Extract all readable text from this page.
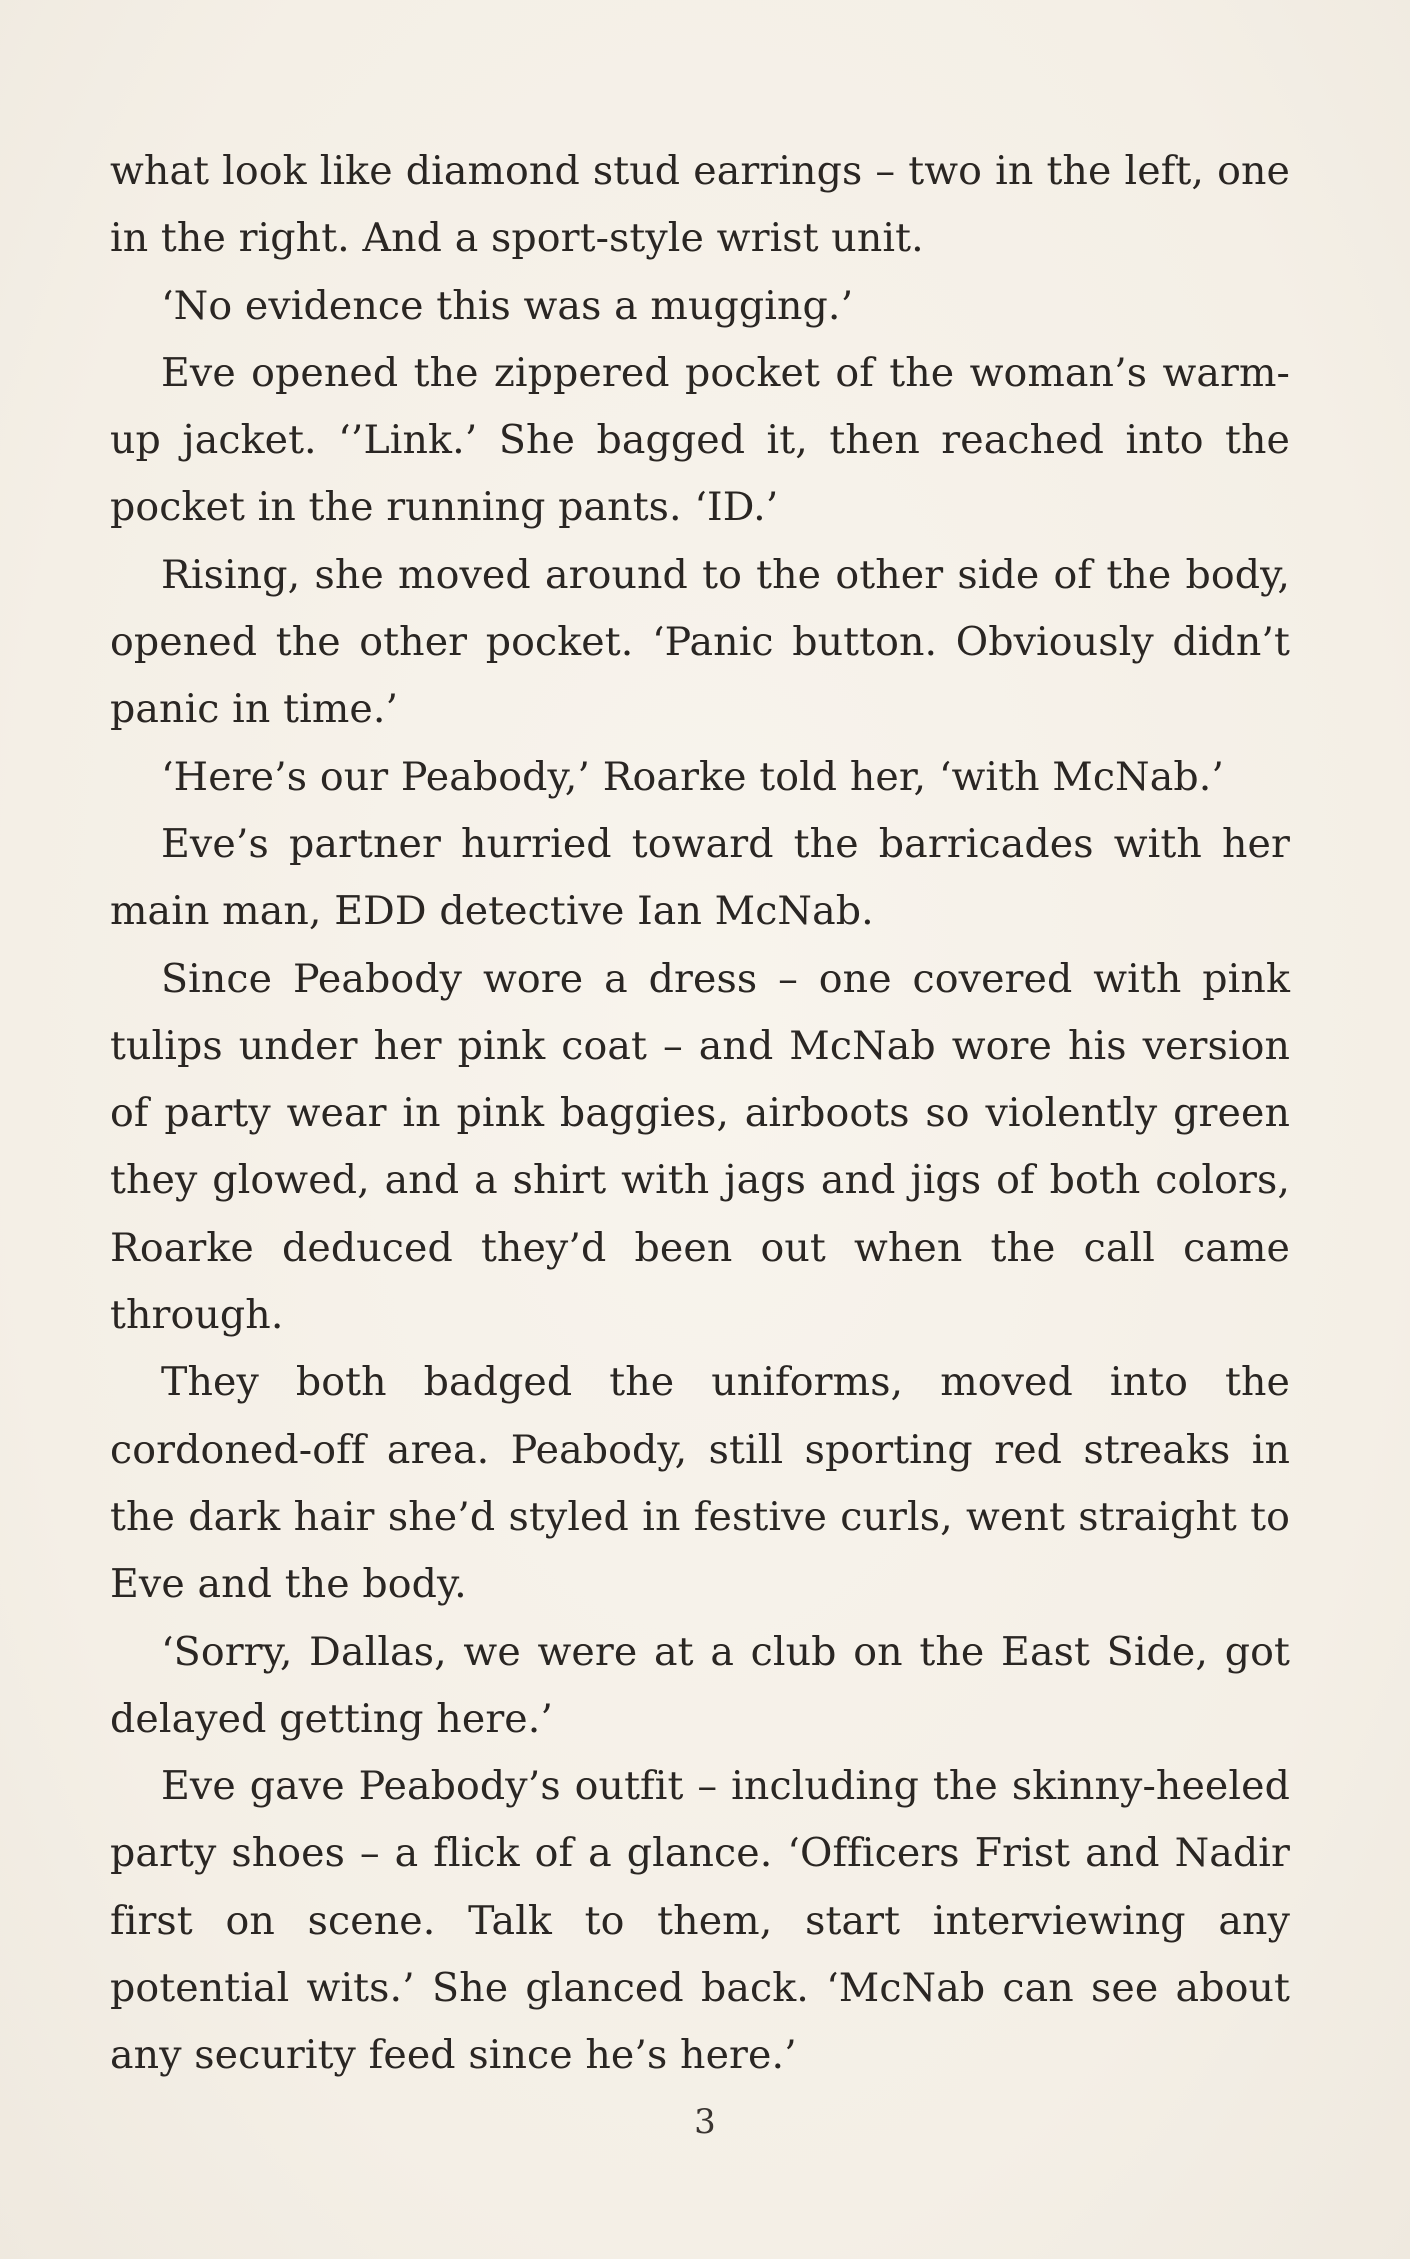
what look like diamond stud earrings – two in the left, one in the right. And a sport-style wrist unit.

‘No evidence this was a mugging.’

Eve opened the zippered pocket of the woman’s warm-up jacket. ‘’Link.’ She bagged it, then reached into the pocket in the running pants. ‘ID.’

Rising, she moved around to the other side of the body, opened the other pocket. ‘Panic button. Obviously didn’t panic in time.’

‘Here’s our Peabody,’ Roarke told her, ‘with McNab.’

Eve’s partner hurried toward the barricades with her main man, EDD detective Ian McNab.

Since Peabody wore a dress – one covered with pink tulips under her pink coat – and McNab wore his version of party wear in pink baggies, airboots so violently green they glowed, and a shirt with jags and jigs of both colors, Roarke deduced they’d been out when the call came through.

They both badged the uniforms, moved into the cordoned-off area. Peabody, still sporting red streaks in the dark hair she’d styled in festive curls, went straight to Eve and the body.

‘Sorry, Dallas, we were at a club on the East Side, got delayed getting here.’

Eve gave Peabody’s outfit – including the skinny-heeled party shoes – a flick of a glance. ‘Officers Frist and Nadir first on scene. Talk to them, start interviewing any potential wits.’ She glanced back. ‘McNab can see about any security feed since he’s here.’

3
